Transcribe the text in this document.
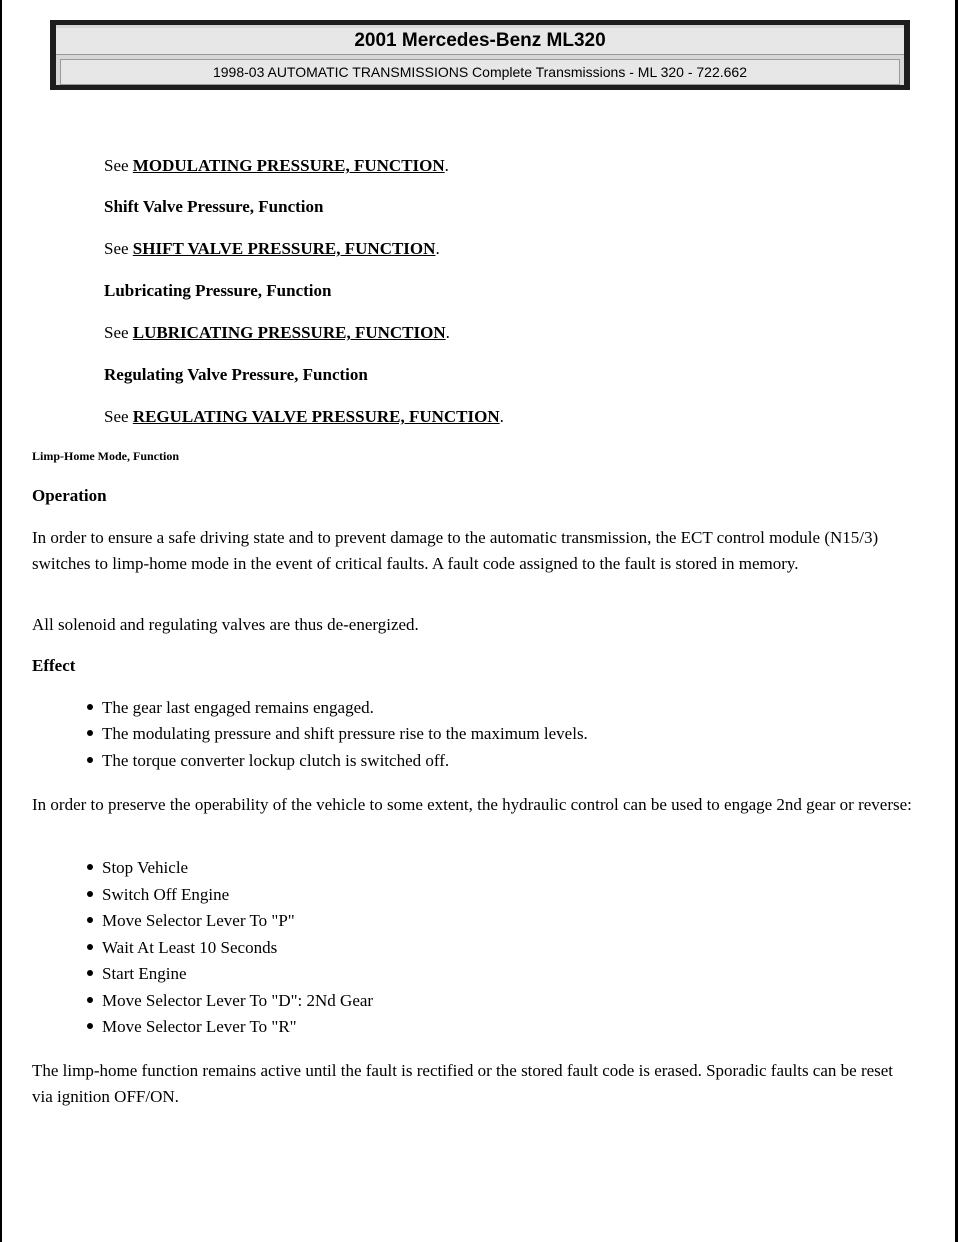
2001 Mercedes-Benz ML320
1998-03 AUTOMATIC TRANSMISSIONS Complete Transmissions - ML 320 - 722.662
See MODULATING PRESSURE, FUNCTION.
Shift Valve Pressure, Function
See SHIFT VALVE PRESSURE, FUNCTION.
Lubricating Pressure, Function
See LUBRICATING PRESSURE, FUNCTION.
Regulating Valve Pressure, Function
See REGULATING VALVE PRESSURE, FUNCTION.
Limp-Home Mode, Function
Operation
In order to ensure a safe driving state and to prevent damage to the automatic transmission, the ECT control module (N15/3) switches to limp-home mode in the event of critical faults. A fault code assigned to the fault is stored in memory.
All solenoid and regulating valves are thus de-energized.
Effect
The gear last engaged remains engaged.
The modulating pressure and shift pressure rise to the maximum levels.
The torque converter lockup clutch is switched off.
In order to preserve the operability of the vehicle to some extent, the hydraulic control can be used to engage 2nd gear or reverse:
Stop Vehicle
Switch Off Engine
Move Selector Lever To "P"
Wait At Least 10 Seconds
Start Engine
Move Selector Lever To "D": 2Nd Gear
Move Selector Lever To "R"
The limp-home function remains active until the fault is rectified or the stored fault code is erased. Sporadic faults can be reset via ignition OFF/ON.
